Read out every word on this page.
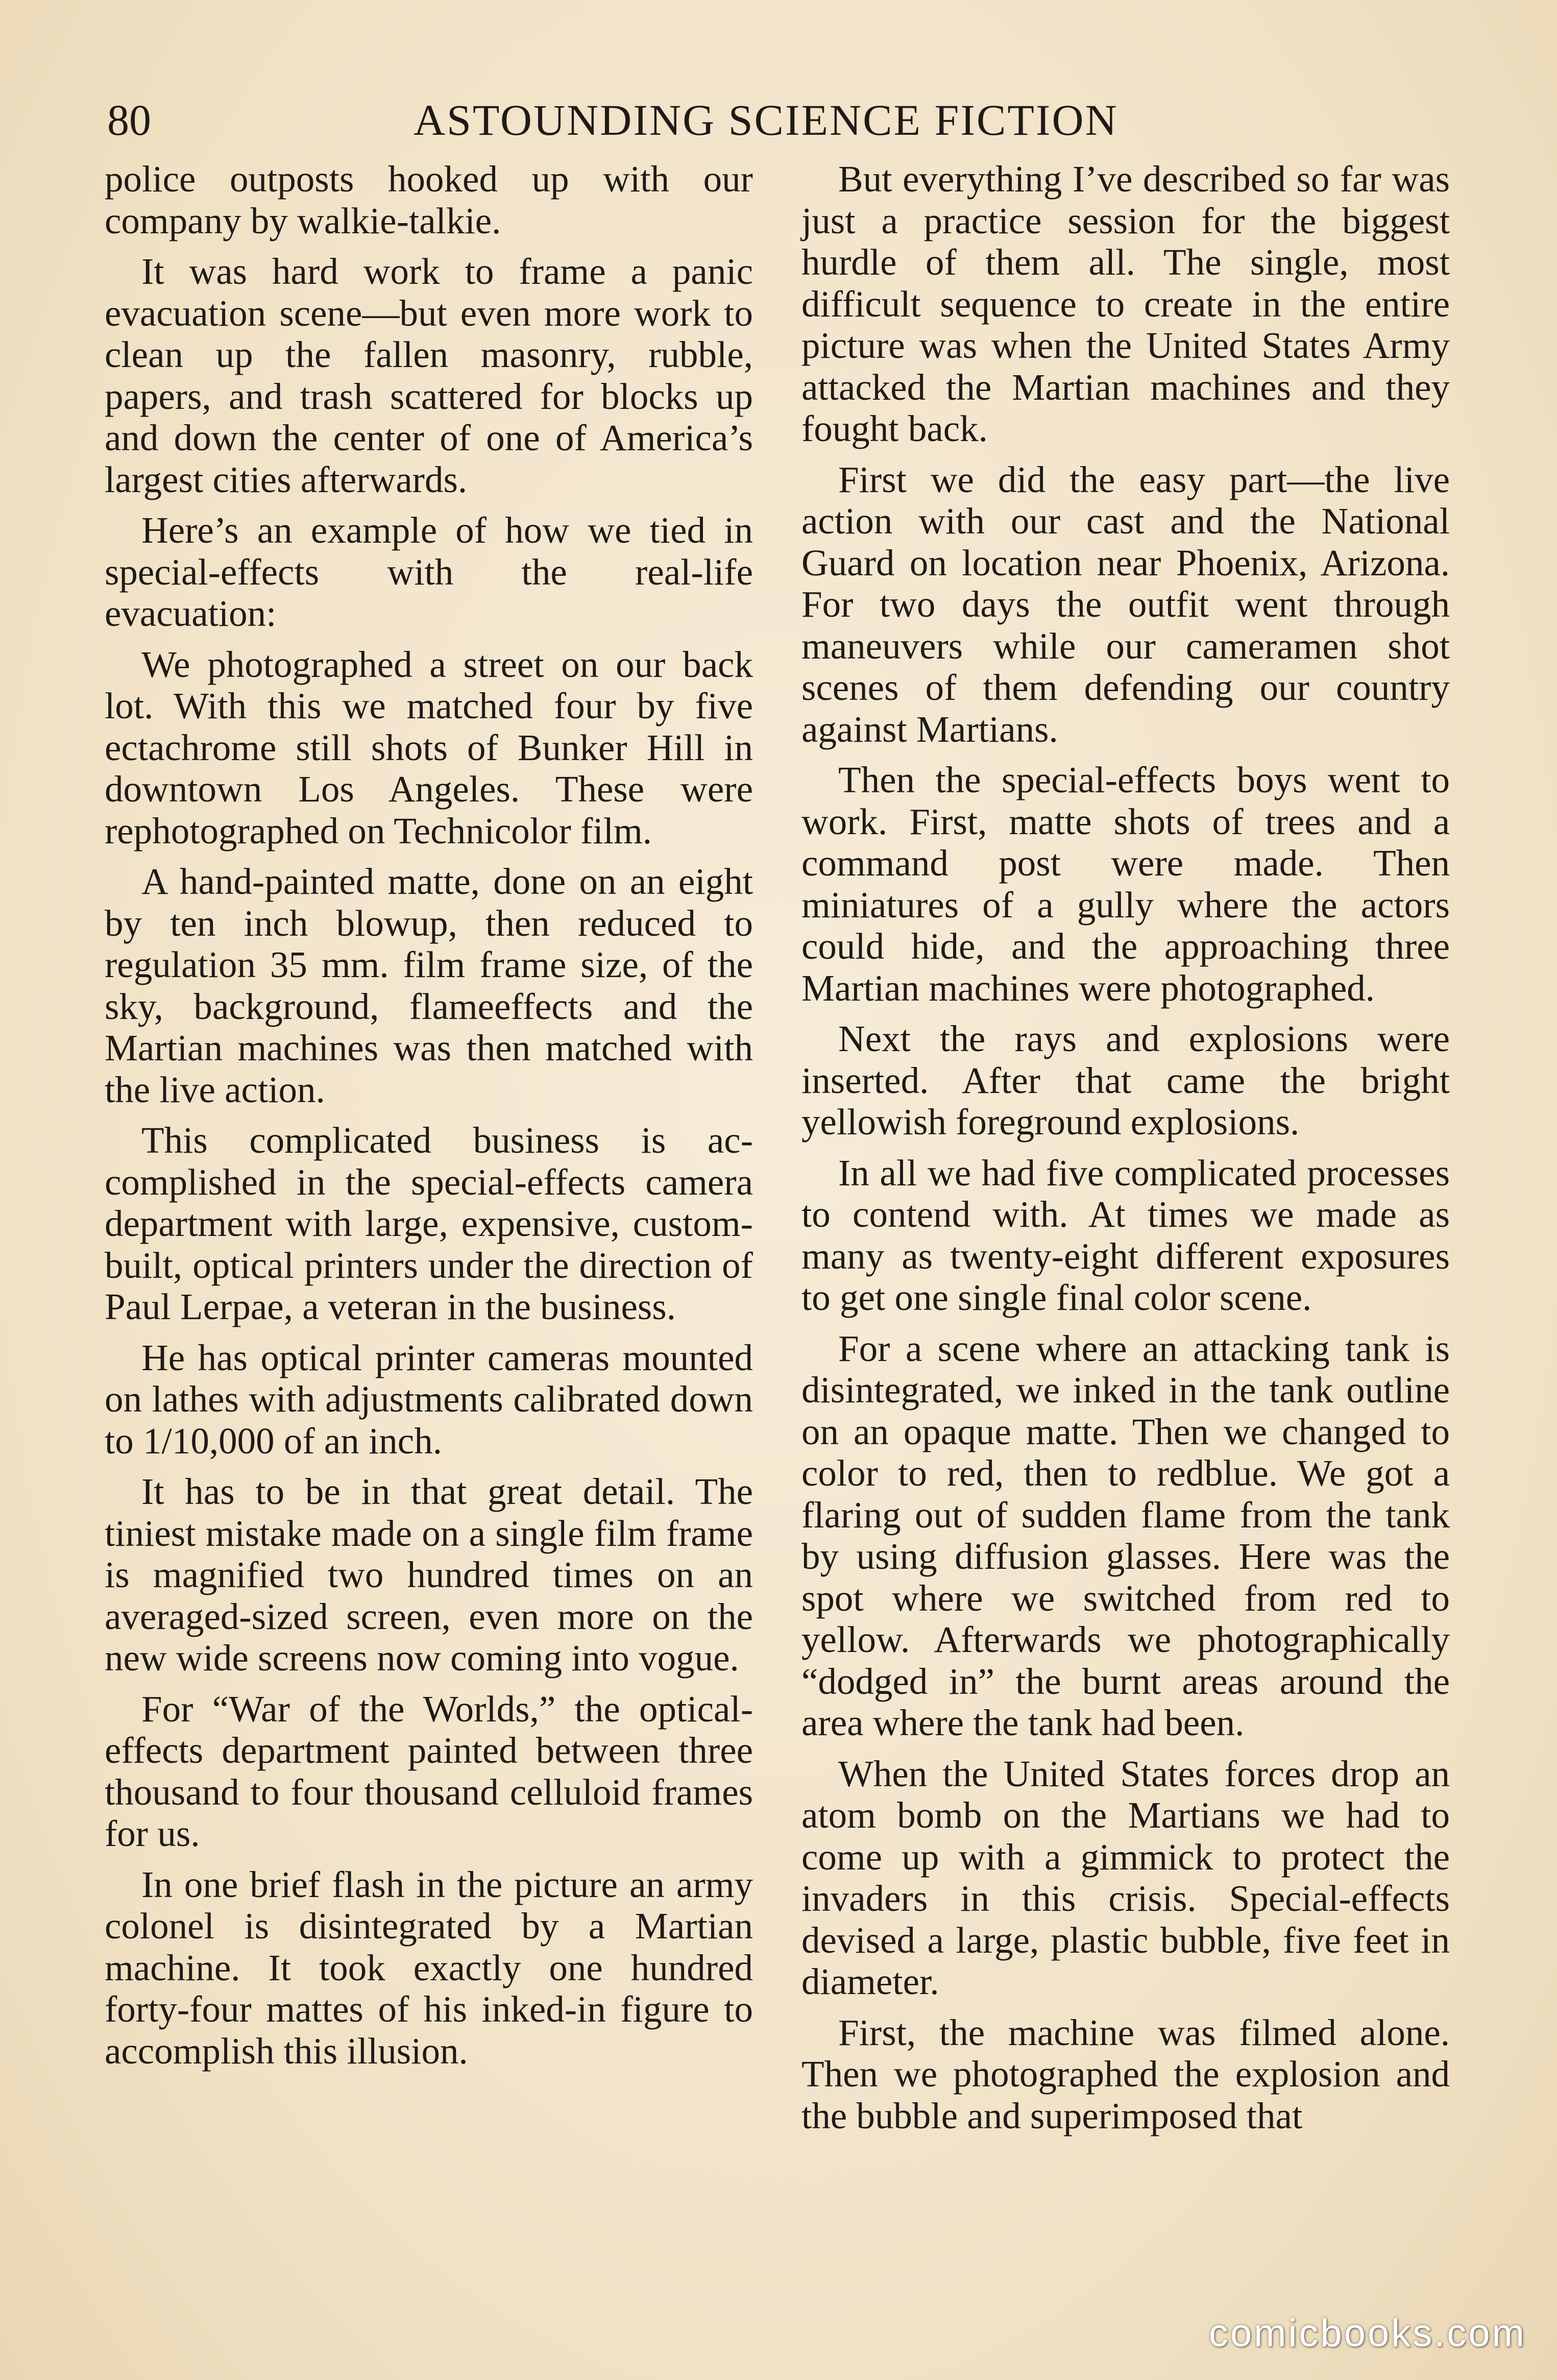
80	ASTOUNDING SCIENCE FICTION

police outposts hooked up with our company by walkie-talkie.

It was hard work to frame a panic evacuation scene—but even more work to clean up the fallen masonry, rubble, papers, and trash scattered for blocks up and down the center of one of America’s largest cities afterwards.

Here’s an example of how we tied in special-effects with the real-life evacuation:

We photographed a street on our back lot. With this we matched four by five ectachrome still shots of Bunker Hill in downtown Los Angeles. These were rephotographed on Technicolor film.

A hand-painted matte, done on an eight by ten inch blowup, then reduced to regulation 35 mm. film frame size, of the sky, background, flameeffects and the Martian machines was then matched with the live action.

This complicated business is accomplished in the special-effects camera department with large, expensive, custom-built, optical printers under the direction of Paul Lerpae, a veteran in the business.

He has optical printer cameras mounted on lathes with adjustments calibrated down to 1/10,000 of an inch.

It has to be in that great detail. The tiniest mistake made on a single film frame is magnified two hundred times on an averaged-sized screen, even more on the new wide screens now coming into vogue.

For “War of the Worlds,” the optical-effects department painted between three thousand to four thousand celluloid frames for us.

In one brief flash in the picture an army colonel is disintegrated by a Martian machine. It took exactly one hundred forty-four mattes of his inked-in figure to accomplish this illusion.

But everything I’ve described so far was just a practice session for the biggest hurdle of them all. The single, most difficult sequence to create in the entire picture was when the United States Army attacked the Martian machines and they fought back.

First we did the easy part—the live action with our cast and the National Guard on location near Phoenix, Arizona. For two days the outfit went through maneuvers while our cameramen shot scenes of them defending our country against Martians.

Then the special-effects boys went to work. First, matte shots of trees and a command post were made. Then miniatures of a gully where the actors could hide, and the approaching three Martian machines were photographed.

Next the rays and explosions were inserted. After that came the bright yellowish foreground explosions.

In all we had five complicated processes to contend with. At times we made as many as twenty-eight different exposures to get one single final color scene.

For a scene where an attacking tank is disintegrated, we inked in the tank outline on an opaque matte. Then we changed to color to red, then to redblue. We got a flaring out of sudden flame from the tank by using diffusion glasses. Here was the spot where we switched from red to yellow. Afterwards we photographically “dodged in” the burnt areas around the area where the tank had been.

When the United States forces drop an atom bomb on the Martians we had to come up with a gimmick to protect the invaders in this crisis. Special-effects devised a large, plastic bubble, five feet in diameter.

First, the machine was filmed alone. Then we photographed the explosion and the bubble and superimposed that

comicbooks.com
